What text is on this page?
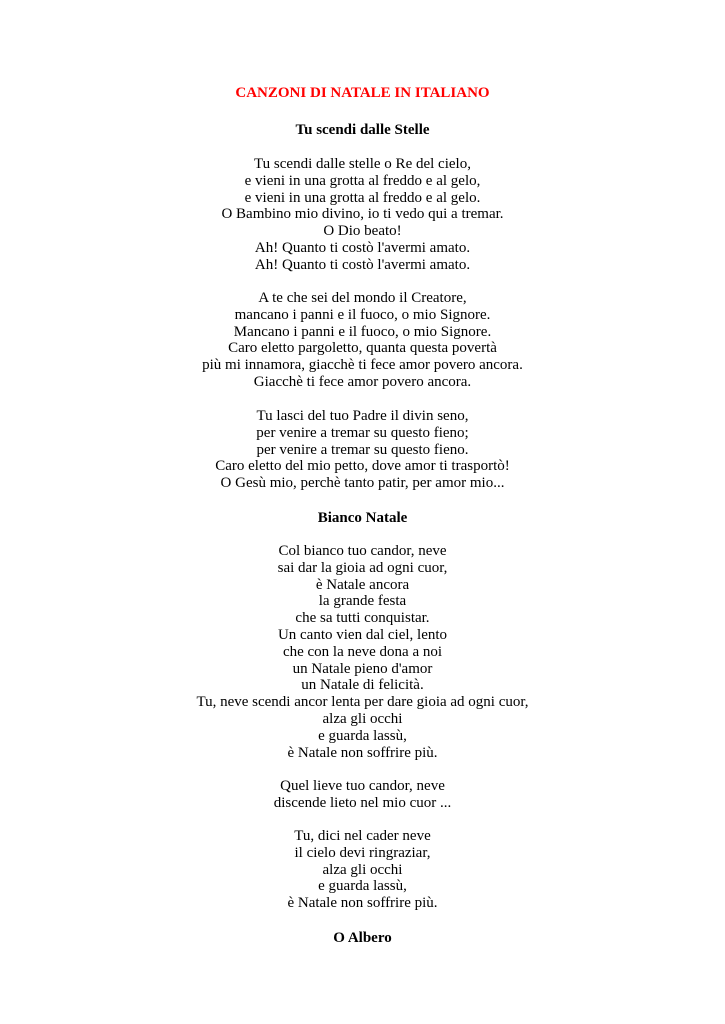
CANZONI DI NATALE IN ITALIANO
Tu scendi dalle Stelle
Tu scendi dalle stelle o Re del cielo,
e vieni in una grotta al freddo e al gelo,
e vieni in una grotta al freddo e al gelo.
O Bambino mio divino, io ti vedo qui a tremar.
O Dio beato!
Ah! Quanto ti costò l'avermi amato.
Ah! Quanto ti costò l'avermi amato.
A te che sei del mondo il Creatore,
mancano i panni e il fuoco, o mio Signore.
Mancano i panni e il fuoco, o mio Signore.
Caro eletto pargoletto, quanta questa povertà
più mi innamora, giacchè ti fece amor povero ancora.
Giacchè ti fece amor povero ancora.
Tu lasci del tuo Padre il divin seno,
per venire a tremar su questo fieno;
per venire a tremar su questo fieno.
Caro eletto del mio petto, dove amor ti trasportò!
O Gesù mio, perchè tanto patir, per amor mio...
Bianco Natale
Col bianco tuo candor, neve
sai dar la gioia ad ogni cuor,
è Natale ancora
la grande festa
che sa tutti conquistar.
Un canto vien dal ciel, lento
che con la neve dona a noi
un Natale pieno d'amor
un Natale di felicità.
Tu, neve scendi ancor lenta per dare gioia ad ogni cuor,
alza gli occhi
e guarda lassù,
è Natale non soffrire più.
Quel lieve tuo candor, neve
discende lieto nel mio cuor ...
Tu, dici nel cader neve
il cielo devi ringraziar,
alza gli occhi
e guarda lassù,
è Natale non soffrire più.
O Albero
